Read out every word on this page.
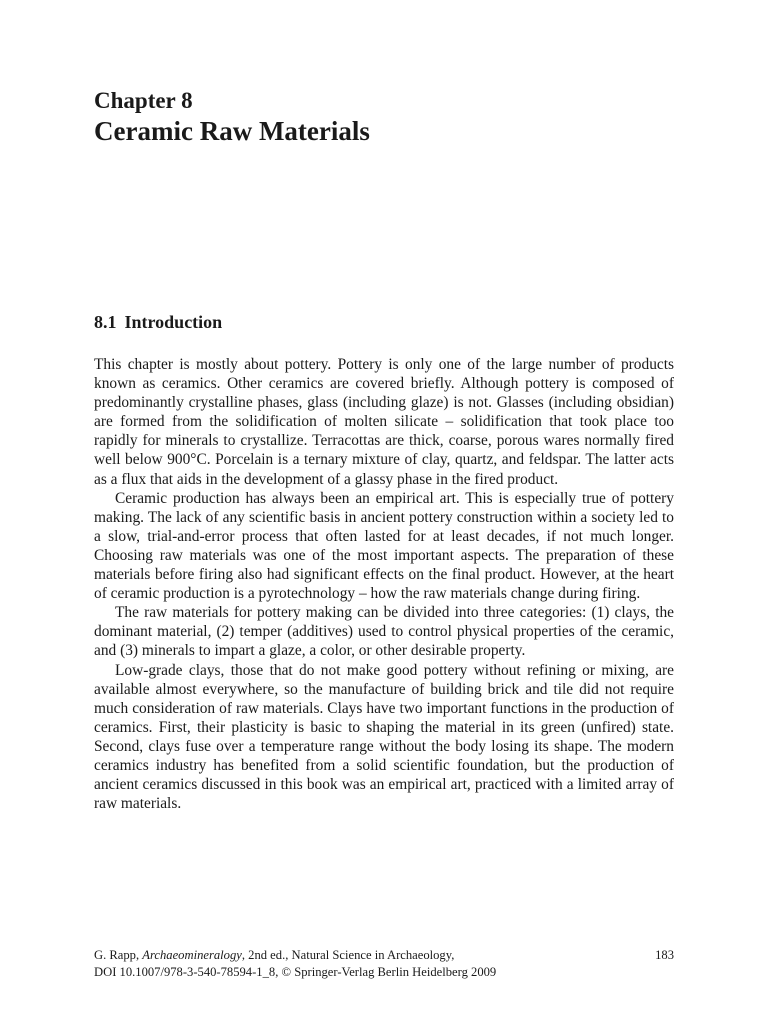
Chapter 8
Ceramic Raw Materials
8.1 Introduction

This chapter is mostly about pottery. Pottery is only one of the large number of products known as ceramics. Other ceramics are covered briefly. Although pottery is composed of predominantly crystalline phases, glass (including glaze) is not. Glasses (including obsidian) are formed from the solidification of molten silicate – solidification that took place too rapidly for minerals to crystallize. Terracottas are thick, coarse, porous wares normally fired well below 900°C. Porcelain is a ternary mixture of clay, quartz, and feldspar. The latter acts as a flux that aids in the development of a glassy phase in the fired product.

Ceramic production has always been an empirical art. This is especially true of pottery making. The lack of any scientific basis in ancient pottery construction within a society led to a slow, trial-and-error process that often lasted for at least decades, if not much longer. Choosing raw materials was one of the most important aspects. The preparation of these materials before firing also had significant effects on the final product. However, at the heart of ceramic production is a pyrotechnology – how the raw materials change during firing.

The raw materials for pottery making can be divided into three categories: (1) clays, the dominant material, (2) temper (additives) used to control physical properties of the ceramic, and (3) minerals to impart a glaze, a color, or other desirable property.

Low-grade clays, those that do not make good pottery without refining or mixing, are available almost everywhere, so the manufacture of building brick and tile did not require much consideration of raw materials. Clays have two important functions in the production of ceramics. First, their plasticity is basic to shaping the material in its green (unfired) state. Second, clays fuse over a temperature range without the body losing its shape. The modern ceramics industry has benefited from a solid scientific foundation, but the production of ancient ceramics discussed in this book was an empirical art, practiced with a limited array of raw materials.

G. Rapp, Archaeomineralogy, 2nd ed., Natural Science in Archaeology,	183
DOI 10.1007/978-3-540-78594-1_8, © Springer-Verlag Berlin Heidelberg 2009
